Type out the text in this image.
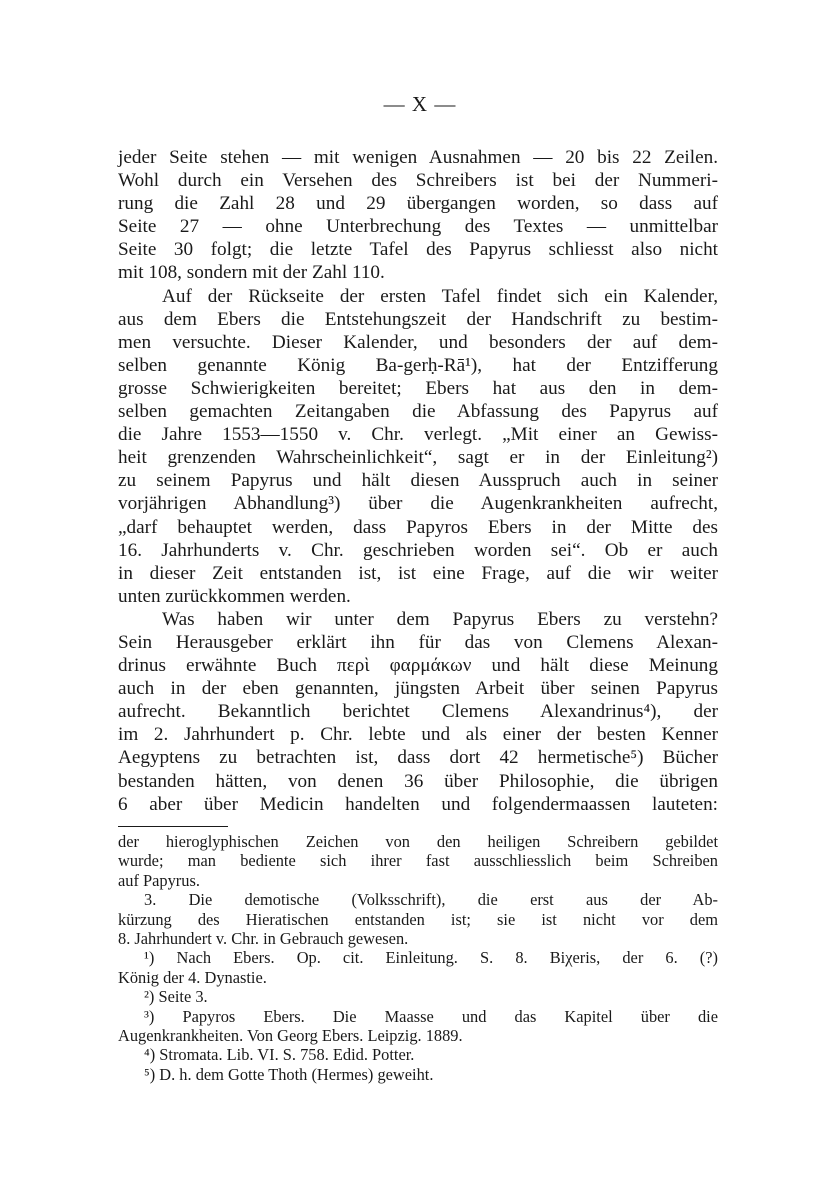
— X —
jeder Seite stehen — mit wenigen Ausnahmen — 20 bis 22 Zeilen.
Wohl durch ein Versehen des Schreibers ist bei der Nummeri-
rung die Zahl 28 und 29 übergangen worden, so dass auf
Seite 27 — ohne Unterbrechung des Textes — unmittelbar
Seite 30 folgt; die letzte Tafel des Papyrus schliesst also nicht
mit 108, sondern mit der Zahl 110.
Auf der Rückseite der ersten Tafel findet sich ein Kalender,
aus dem Ebers die Entstehungszeit der Handschrift zu bestim-
men versuchte. Dieser Kalender, und besonders der auf dem-
selben genannte König Ba-gerḥ-Rā¹), hat der Entzifferung
grosse Schwierigkeiten bereitet; Ebers hat aus den in dem-
selben gemachten Zeitangaben die Abfassung des Papyrus auf
die Jahre 1553—1550 v. Chr. verlegt. „Mit einer an Gewiss-
heit grenzenden Wahrscheinlichkeit“, sagt er in der Einleitung²)
zu seinem Papyrus und hält diesen Ausspruch auch in seiner
vorjährigen Abhandlung³) über die Augenkrankheiten aufrecht,
„darf behauptet werden, dass Papyros Ebers in der Mitte des
16. Jahrhunderts v. Chr. geschrieben worden sei“. Ob er auch
in dieser Zeit entstanden ist, ist eine Frage, auf die wir weiter
unten zurückkommen werden.
Was haben wir unter dem Papyrus Ebers zu verstehn?
Sein Herausgeber erklärt ihn für das von Clemens Alexan-
drinus erwähnte Buch περὶ φαρμάκων und hält diese Meinung
auch in der eben genannten, jüngsten Arbeit über seinen Papyrus
aufrecht. Bekanntlich berichtet Clemens Alexandrinus⁴), der
im 2. Jahrhundert p. Chr. lebte und als einer der besten Kenner
Aegyptens zu betrachten ist, dass dort 42 hermetische⁵) Bücher
bestanden hätten, von denen 36 über Philosophie, die übrigen
6 aber über Medicin handelten und folgendermaassen lauteten:
der hieroglyphischen Zeichen von den heiligen Schreibern gebildet
wurde; man bediente sich ihrer fast ausschliesslich beim Schreiben
auf Papyrus.
3. Die demotische (Volksschrift), die erst aus der Ab-
kürzung des Hieratischen entstanden ist; sie ist nicht vor dem
8. Jahrhundert v. Chr. in Gebrauch gewesen.
¹) Nach Ebers. Op. cit. Einleitung. S. 8. Biχeris, der 6. (?)
König der 4. Dynastie.
²) Seite 3.
³) Papyros Ebers. Die Maasse und das Kapitel über die
Augenkrankheiten. Von Georg Ebers. Leipzig. 1889.
⁴) Stromata. Lib. VI. S. 758. Edid. Potter.
⁵) D. h. dem Gotte Thoth (Hermes) geweiht.
